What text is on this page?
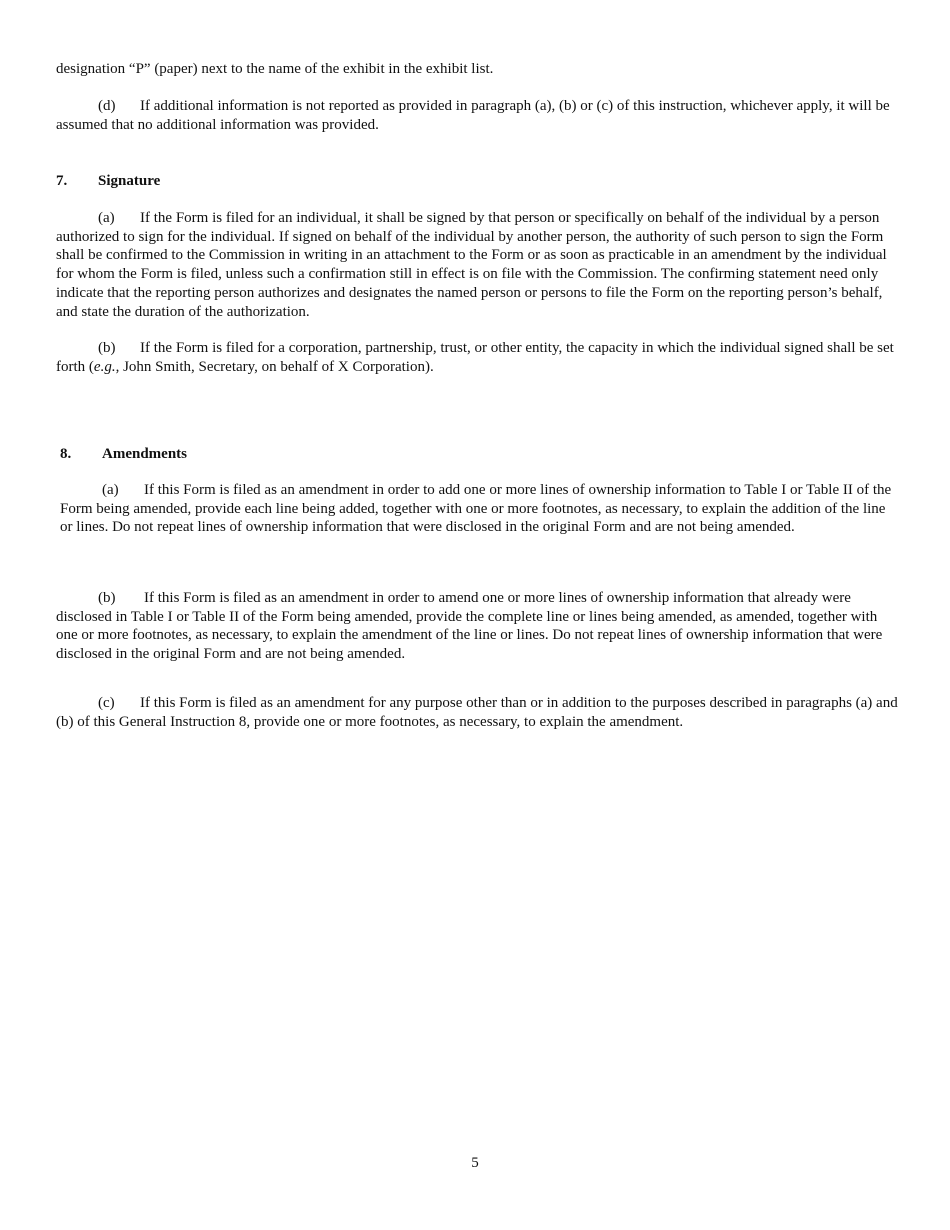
designation “P” (paper) next to the name of the exhibit in the exhibit list.

(d) If additional information is not reported as provided in paragraph (a), (b) or (c) of this instruction, whichever apply, it will be assumed that no additional information was provided.

7. Signature

(a) If the Form is filed for an individual, it shall be signed by that person or specifically on behalf of the individual by a person authorized to sign for the individual. If signed on behalf of the individual by another person, the authority of such person to sign the Form shall be confirmed to the Commission in writing in an attachment to the Form or as soon as practicable in an amendment by the individual for whom the Form is filed, unless such a confirmation still in effect is on file with the Commission. The confirming statement need only indicate that the reporting person authorizes and designates the named person or persons to file the Form on the reporting person’s behalf, and state the duration of the authorization.

(b) If the Form is filed for a corporation, partnership, trust, or other entity, the capacity in which the individual signed shall be set forth (e.g., John Smith, Secretary, on behalf of X Corporation).

8. Amendments

(a) If this Form is filed as an amendment in order to add one or more lines of ownership information to Table I or Table II of the Form being amended, provide each line being added, together with one or more footnotes, as necessary, to explain the addition of the line or lines. Do not repeat lines of ownership information that were disclosed in the original Form and are not being amended.

(b) If this Form is filed as an amendment in order to amend one or more lines of ownership information that already were disclosed in Table I or Table II of the Form being amended, provide the complete line or lines being amended, as amended, together with one or more footnotes, as necessary, to explain the amendment of the line or lines. Do not repeat lines of ownership information that were disclosed in the original Form and are not being amended.

(c) If this Form is filed as an amendment for any purpose other than or in addition to the purposes described in paragraphs (a) and (b) of this General Instruction 8, provide one or more footnotes, as necessary, to explain the amendment.

5
